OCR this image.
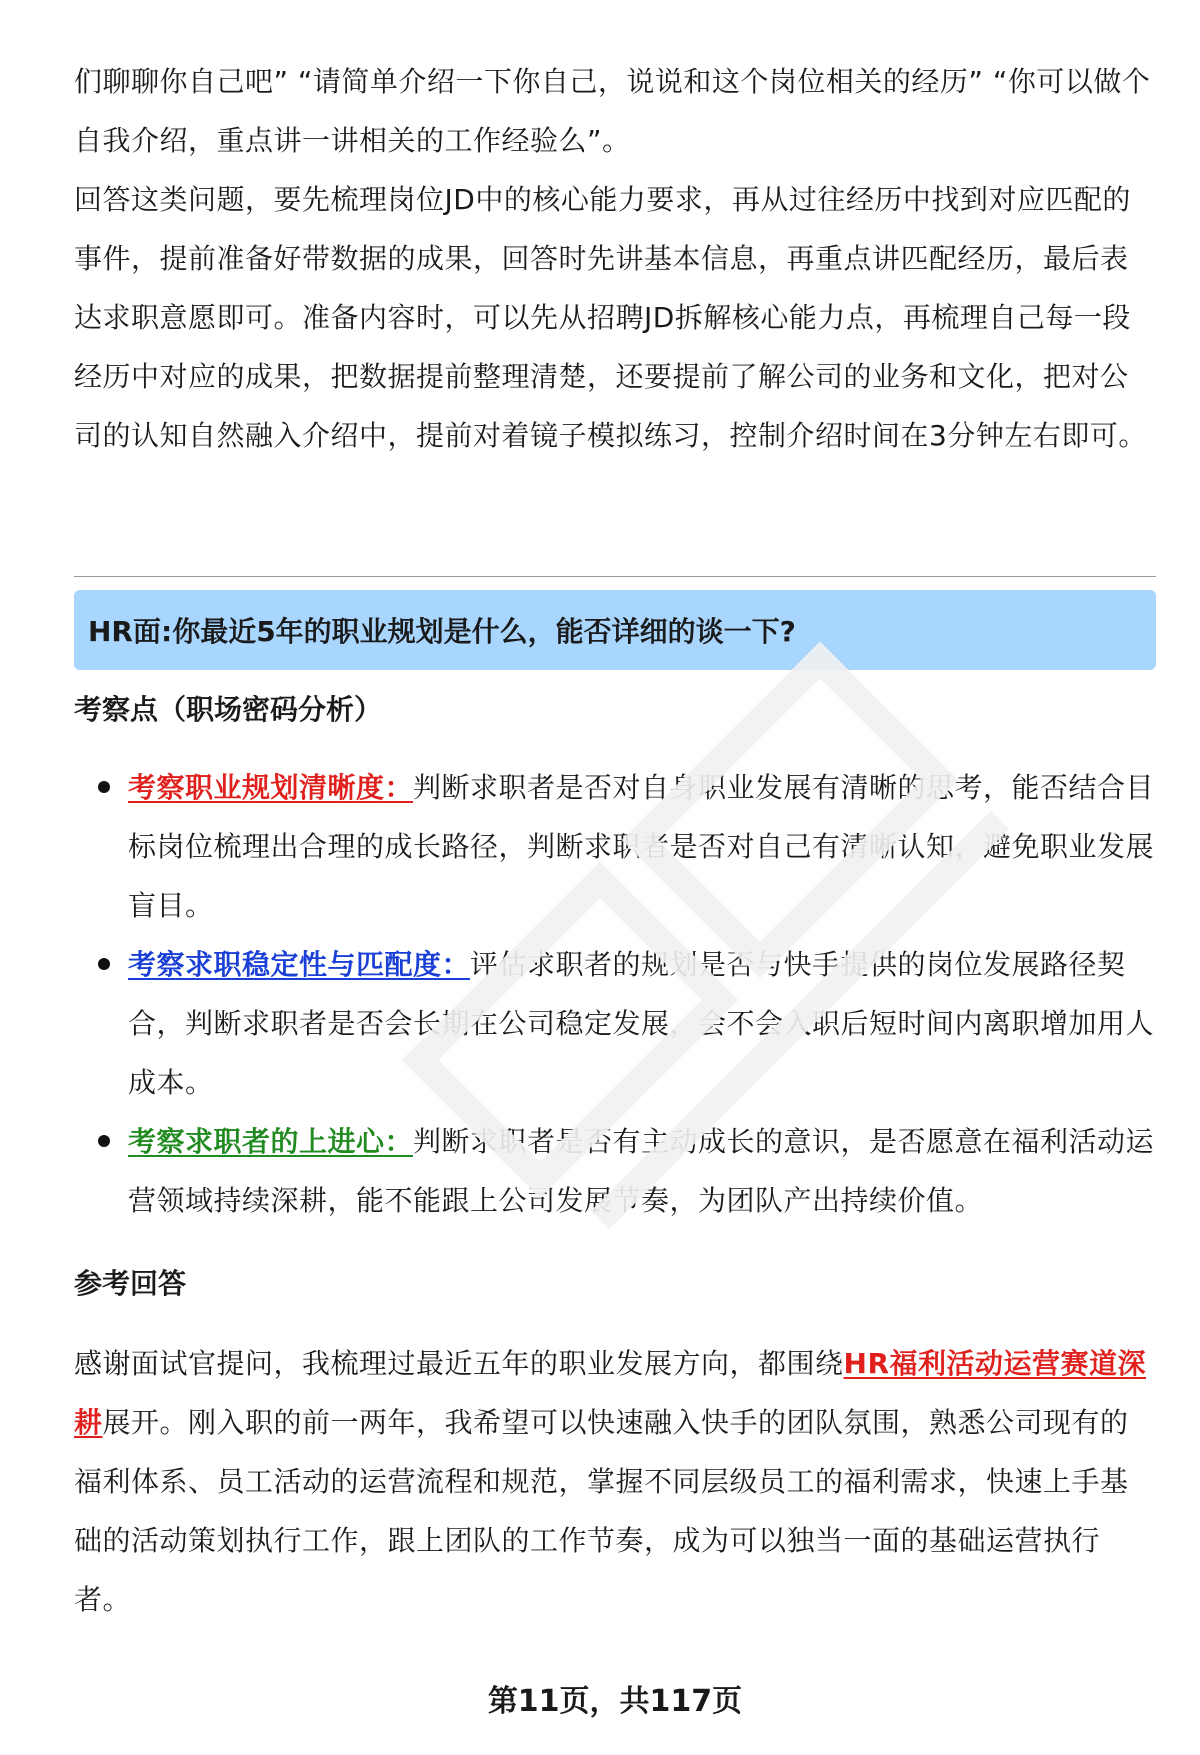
们聊聊你自己吧” “请简单介绍一下你自己，说说和这个岗位相关的经历” “你可以做个自我介绍，重点讲一讲相关的工作经验么”。

回答这类问题，要先梳理岗位JD中的核心能力要求，再从过往经历中找到对应匹配的事件，提前准备好带数据的成果，回答时先讲基本信息，再重点讲匹配经历，最后表达求职意愿即可。准备内容时，可以先从招聘JD拆解核心能力点，再梳理自己每一段经历中对应的成果，把数据提前整理清楚，还要提前了解公司的业务和文化，把对公司的认知自然融入介绍中，提前对着镜子模拟练习，控制介绍时间在3分钟左右即可。

HR面:你最近5年的职业规划是什么，能否详细的谈一下?
考察点（职场密码分析）
考察职业规划清晰度：判断求职者是否对自身职业发展有清晰的思考，能否结合目标岗位梳理出合理的成长路径，判断求职者是否对自己有清晰认知，避免职业发展盲目。
考察求职稳定性与匹配度：评估求职者的规划是否与快手提供的岗位发展路径契合，判断求职者是否会长期在公司稳定发展，会不会入职后短时间内离职增加用人成本。
考察求职者的上进心：判断求职者是否有主动成长的意识，是否愿意在福利活动运营领域持续深耕，能不能跟上公司发展节奏，为团队产出持续价值。
参考回答

感谢面试官提问，我梳理过最近五年的职业发展方向，都围绕HR福利活动运营赛道深耕展开。刚入职的前一两年，我希望可以快速融入快手的团队氛围，熟悉公司现有的福利体系、员工活动的运营流程和规范，掌握不同层级员工的福利需求，快速上手基础的活动策划执行工作，跟上团队的工作节奏，成为可以独当一面的基础运营执行者。

第11页，共117页
